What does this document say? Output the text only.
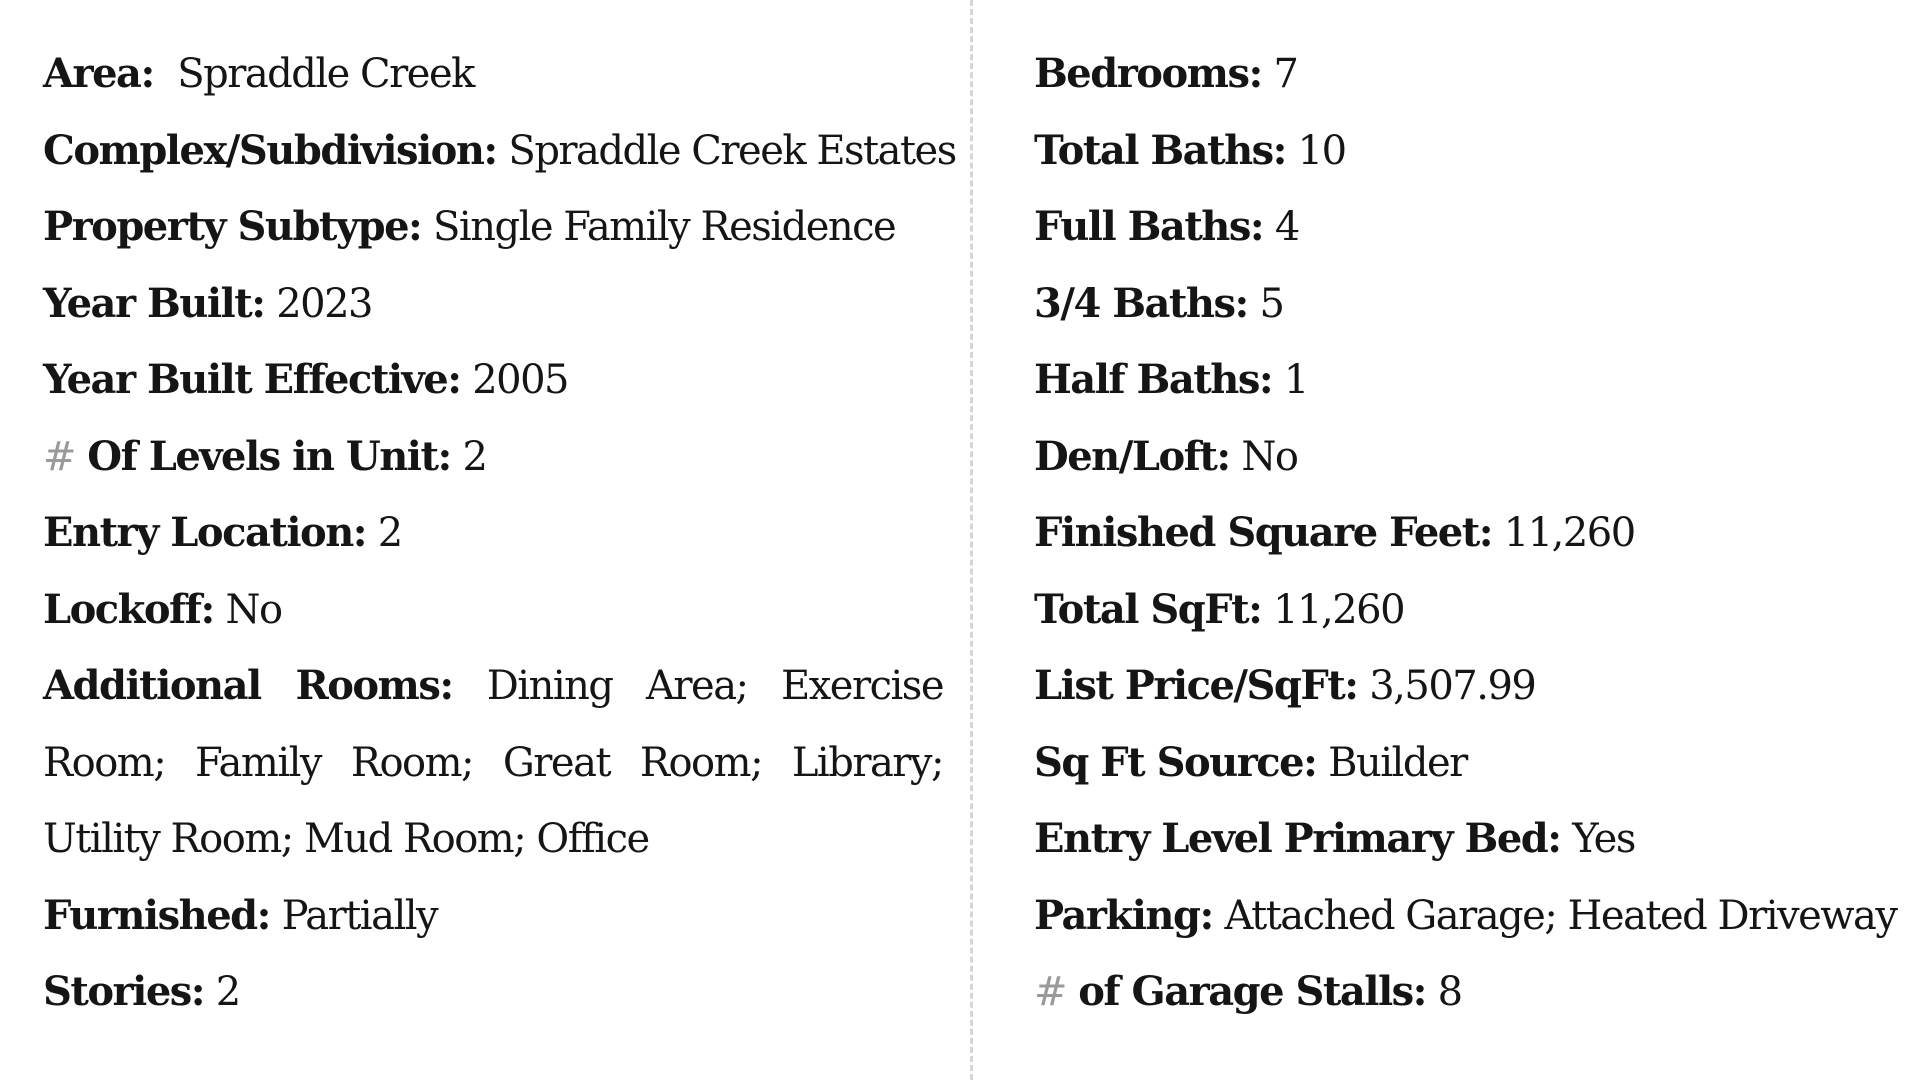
Area: Spraddle Creek
Complex/Subdivision: Spraddle Creek Estates
Property Subtype: Single Family Residence
Year Built: 2023
Year Built Effective: 2005
# Of Levels in Unit: 2
Entry Location: 2
Lockoff: No
Additional Rooms: Dining Area; Exercise Room; Family Room; Great Room; Library; Utility Room; Mud Room; Office
Furnished: Partially
Stories: 2
Bedrooms: 7
Total Baths: 10
Full Baths: 4
3/4 Baths: 5
Half Baths: 1
Den/Loft: No
Finished Square Feet: 11,260
Total SqFt: 11,260
List Price/SqFt: 3,507.99
Sq Ft Source: Builder
Entry Level Primary Bed: Yes
Parking: Attached Garage; Heated Driveway
# of Garage Stalls: 8
